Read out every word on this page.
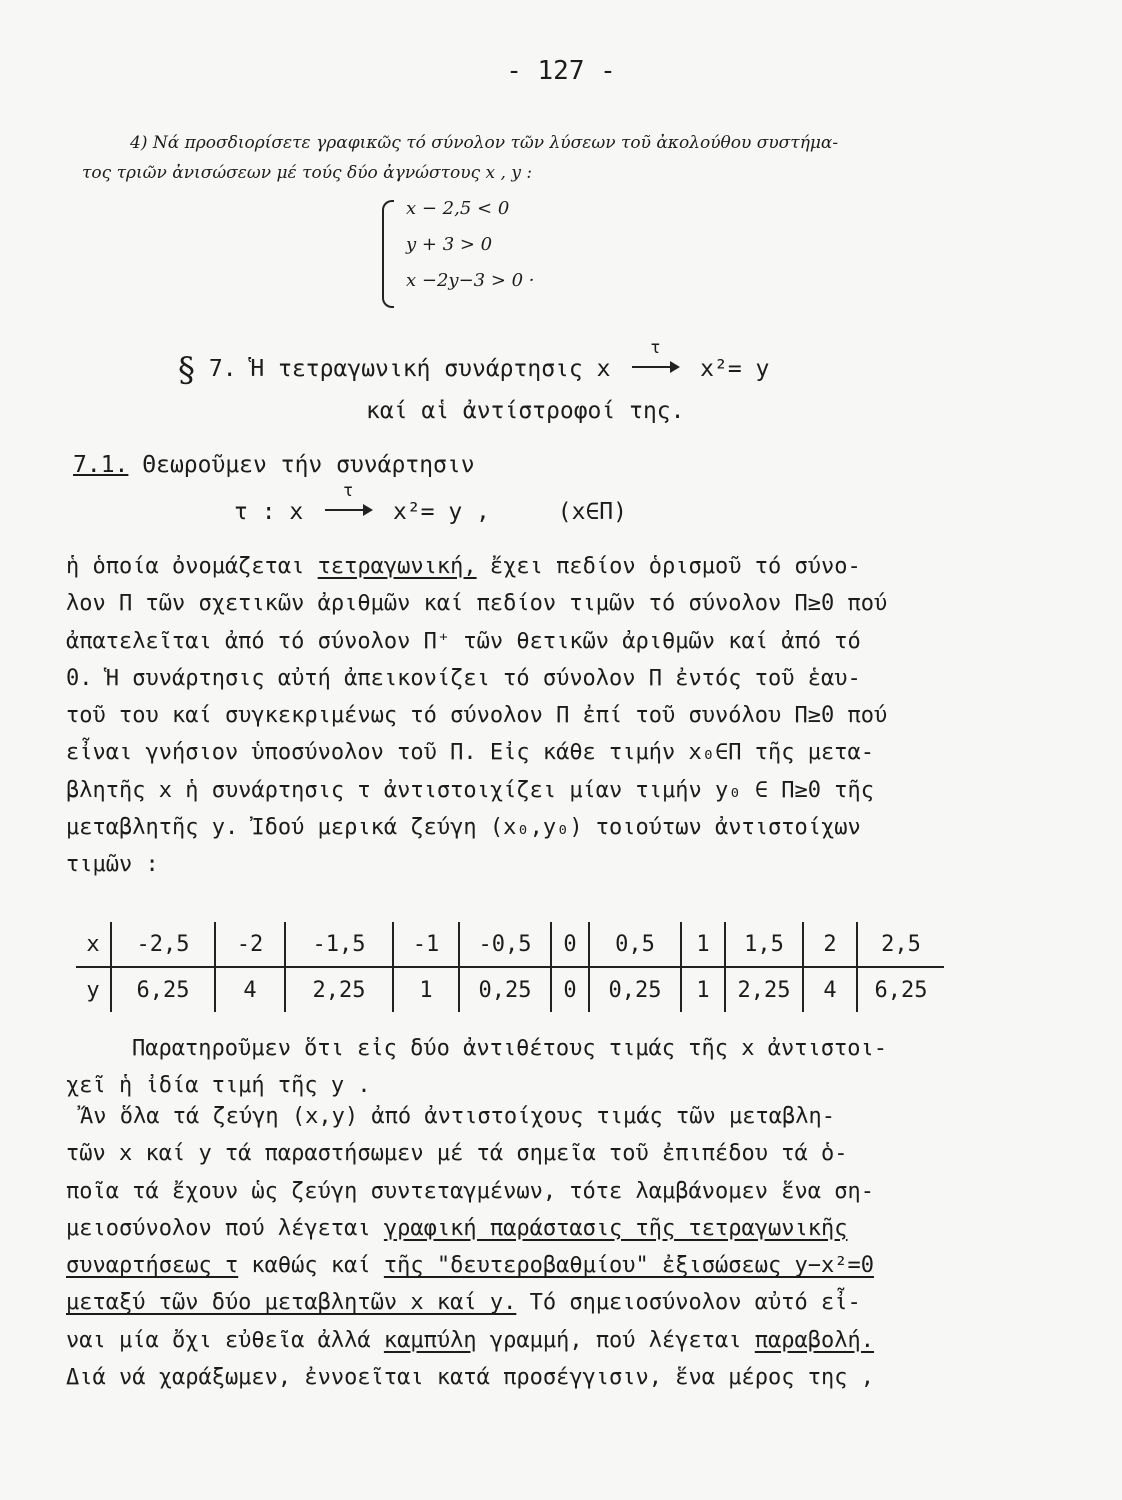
- 127 -
4) Νά προσδιορίσετε γραφικῶς τό σύνολον τῶν λύσεων τοῦ ἀκολούθου συστήμα-
τος τριῶν ἀνισώσεων μέ τούς δύο ἀγνώστους x , y :
x − 2,5 < 0
y + 3 > 0
x −2y−3 > 0 ·
§ 7. Ἡ τετραγωνική συνάρτησις x
τ
x²= y
καί αἱ ἀντίστροφοί της.
7.1. Θεωροῦμεν τήν συνάρτησιν
τ : x
τ
x²= y ,	(x∈Π)
ἡ ὁποία ὀνομάζεται τετραγωνική, ἔχει πεδίον ὁρισμοῦ τό σύνο-
λον Π τῶν σχετικῶν ἀριθμῶν καί πεδίον τιμῶν τό σύνολον Π≥0 πού
ἀπατελεῖται ἀπό τό σύνολον Π⁺ τῶν θετικῶν ἀριθμῶν καί ἀπό τό
0. Ἡ συνάρτησις αὐτή ἀπεικονίζει τό σύνολον Π ἐντός τοῦ ἑαυ-
τοῦ του καί συγκεκριμένως τό σύνολον Π ἐπί τοῦ συνόλου Π≥0 πού
εἶναι γνήσιον ὑποσύνολον τοῦ Π. Εἰς κάθε τιμήν x₀∈Π τῆς μετα-
βλητῆς x ἡ συνάρτησις τ ἀντιστοιχίζει μίαν τιμήν y₀ ∈ Π≥0 τῆς
μεταβλητῆς y. Ἰδού μερικά ζεύγη (x₀,y₀) τοιούτων ἀντιστοίχων
τιμῶν :
x	-2,5	-2	-1,5	-1	-0,5	0	0,5	1	1,5	2	2,5
y	6,25	4	2,25	1	0,25	0	0,25	1	2,25	4	6,25
Παρατηροῦμεν ὅτι εἰς δύο ἀντιθέτους τιμάς τῆς x ἀντιστοι-
χεῖ ἡ ἰδία τιμή τῆς y .
Ἄν ὅλα τά ζεύγη (x,y) ἀπό ἀντιστοίχους τιμάς τῶν μεταβλη-
τῶν x καί y τά παραστήσωμεν μέ τά σημεῖα τοῦ ἐπιπέδου τά ὁ-
ποῖα τά ἔχουν ὡς ζεύγη συντεταγμένων, τότε λαμβάνομεν ἕνα ση-
μειοσύνολον πού λέγεται γραφική παράστασις τῆς τετραγωνικῆς
συναρτήσεως τ καθώς καί τῆς "δευτεροβαθμίου" ἐξισώσεως y−x²=0
μεταξύ τῶν δύο μεταβλητῶν x καί y. Τό σημειοσύνολον αὐτό εἶ-
ναι μία ὄχι εὐθεῖα ἀλλά καμπύλη γραμμή, πού λέγεται παραβολή.
Διά νά χαράξωμεν, ἐννοεῖται κατά προσέγγισιν, ἕνα μέρος της ,
